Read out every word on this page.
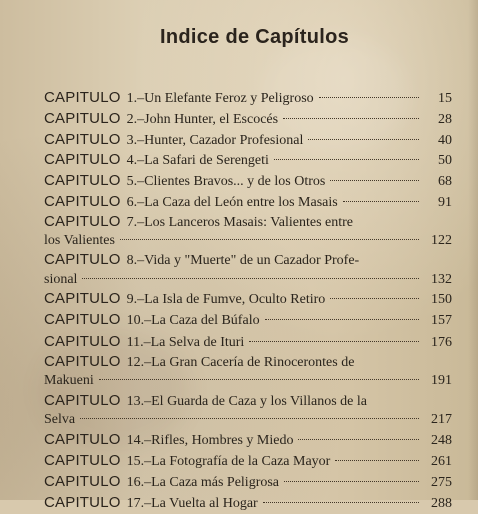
Indice de Capítulos
CAPITULO 1. –Un Elefante Feroz y Peligroso	15
CAPITULO 2. –John Hunter, el Escocés	28
CAPITULO 3. –Hunter, Cazador Profesional	40
CAPITULO 4. –La Safari de Serengeti	50
CAPITULO 5. –Clientes Bravos... y de los Otros	68
CAPITULO 6. –La Caza del León entre los Masais	91
CAPITULO 7. –Los Lanceros Masais: Valientes entre
los Valientes	122
CAPITULO 8. –Vida y "Muerte" de un Cazador Profe-
sional	132
CAPITULO 9. –La Isla de Fumve, Oculto Retiro	150
CAPITULO 10. –La Caza del Búfalo	157
CAPITULO 11. –La Selva de Ituri	176
CAPITULO 12. –La Gran Cacería de Rinocerontes de
Makueni	191
CAPITULO 13. –El Guarda de Caza y los Villanos de la
Selva	217
CAPITULO 14. –Rifles, Hombres y Miedo	248
CAPITULO 15. –La Fotografía de la Caza Mayor	261
CAPITULO 16. –La Caza más Peligrosa	275
CAPITULO 17. –La Vuelta al Hogar	288
